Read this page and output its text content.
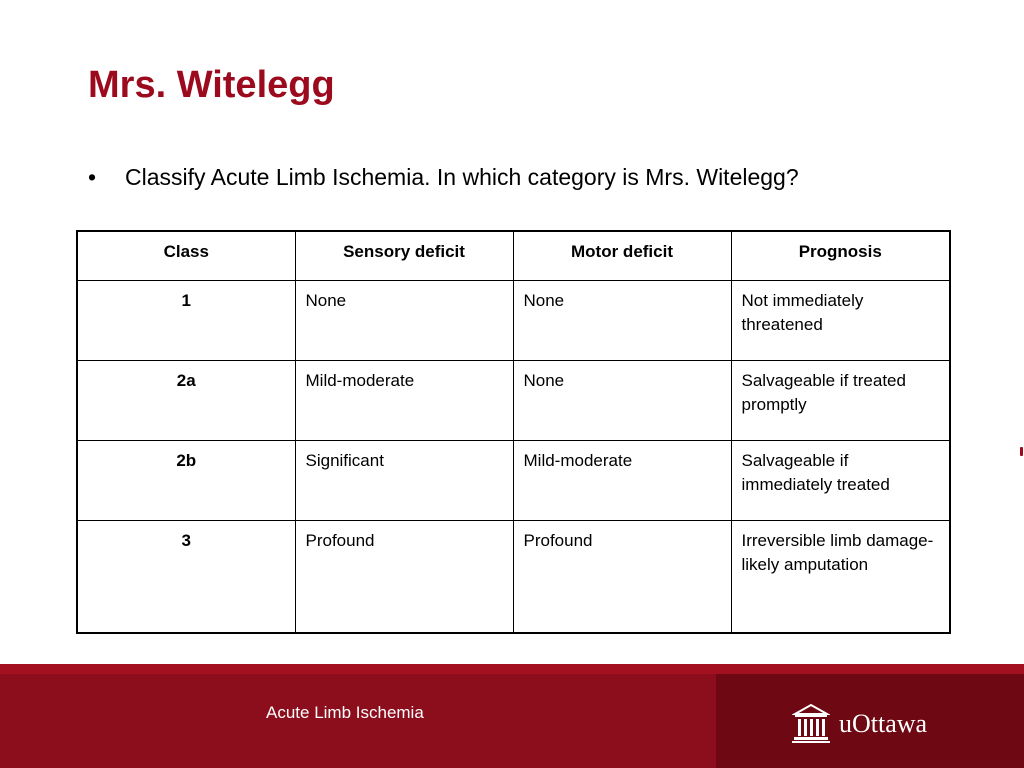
Mrs. Witelegg
• Classify Acute Limb Ischemia. In which category is Mrs. Witelegg?
Class	Sensory deficit	Motor deficit	Prognosis
1	None	None	Not immediately threatened
2a	Mild-moderate	None	Salvageable if treated promptly
2b	Significant	Mild-moderate	Salvageable if immediately treated
3	Profound	Profound	Irreversible limb damage- likely amputation
Acute Limb Ischemia	uOttawa
